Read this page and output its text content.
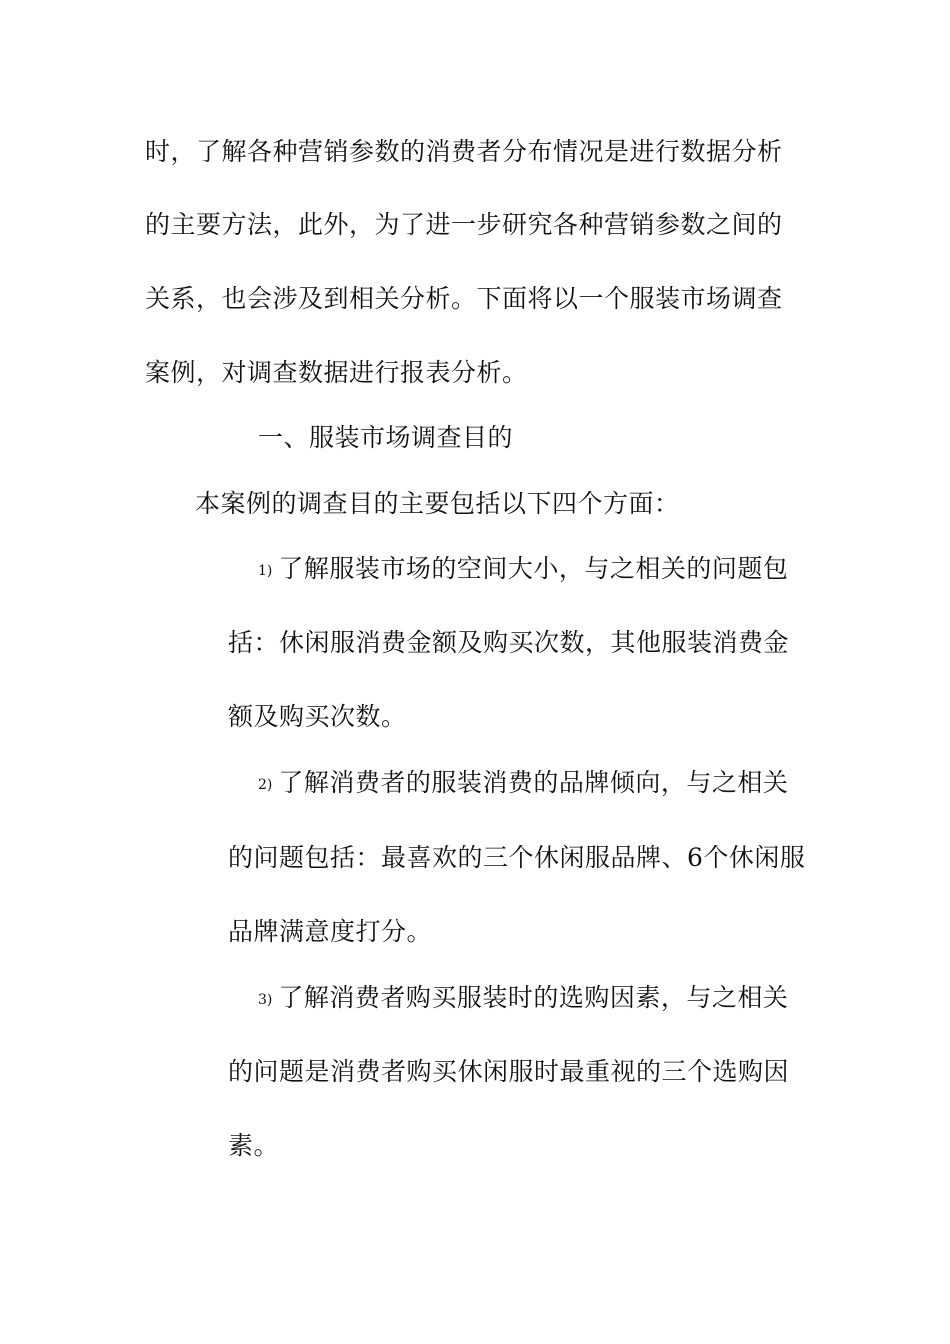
时，了解各种营销参数的消费者分布情况是进行数据分析
的主要方法，此外，为了进一步研究各种营销参数之间的
关系，也会涉及到相关分析。下面将以一个服装市场调查
案例，对调查数据进行报表分析。
一、服装市场调查目的
本案例的调查目的主要包括以下四个方面：
1) 了解服装市场的空间大小，与之相关的问题包
括：休闲服消费金额及购买次数，其他服装消费金
额及购买次数。
2) 了解消费者的服装消费的品牌倾向，与之相关
的问题包括：最喜欢的三个休闲服品牌、6个休闲服
品牌满意度打分。
3) 了解消费者购买服装时的选购因素，与之相关
的问题是消费者购买休闲服时最重视的三个选购因
素。
